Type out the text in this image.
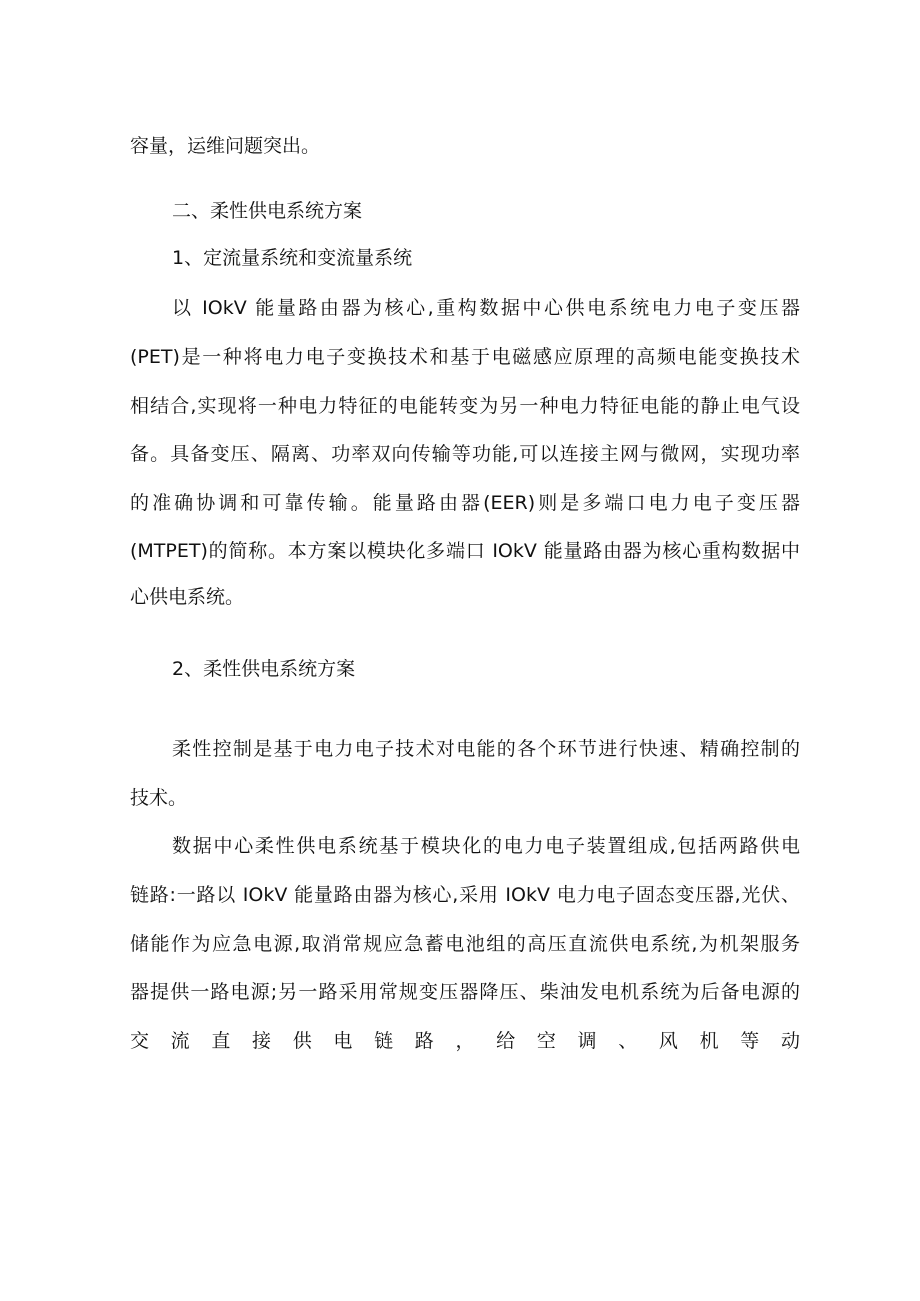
容量，运维问题突出。
二、柔性供电系统方案
1、定流量系统和变流量系统
以 IOkV 能量路由器为核心,重构数据中心供电系统电力电子变压器
(PET)是一种将电力电子变换技术和基于电磁感应原理的高频电能变换技术
相结合,实现将一种电力特征的电能转变为另一种电力特征电能的静止电气设
备。具备变压、隔离、功率双向传输等功能,可以连接主网与微网，实现功率
的准确协调和可靠传输。能量路由器(EER)则是多端口电力电子变压器
(MTPET)的简称。本方案以模块化多端口 IOkV 能量路由器为核心重构数据中
心供电系统。
2、柔性供电系统方案
柔性控制是基于电力电子技术对电能的各个环节进行快速、精确控制的
技术。
数据中心柔性供电系统基于模块化的电力电子装置组成,包括两路供电
链路:一路以 IOkV 能量路由器为核心,采用 IOkV 电力电子固态变压器,光伏、
储能作为应急电源,取消常规应急蓄电池组的高压直流供电系统,为机架服务
器提供一路电源;另一路采用常规变压器降压、柴油发电机系统为后备电源的
交 流 直 接 供 电 链 路 ， 给 空 调 、 风 机 等 动
